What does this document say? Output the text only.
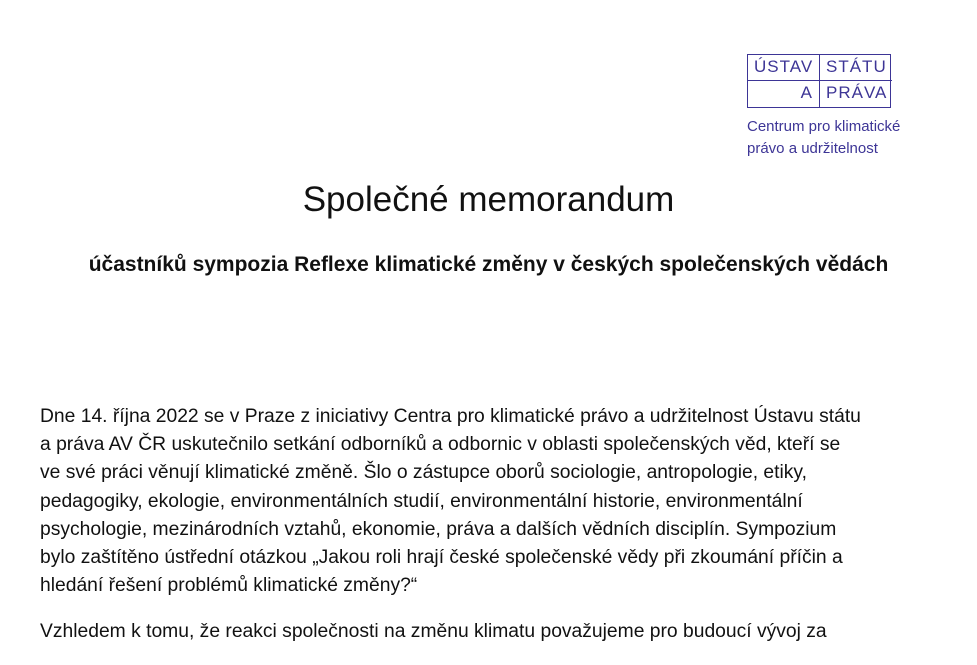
ÚSTAV STÁTU
A PRÁVA
Centrum pro klimatické
právo a udržitelnost
Společné memorandum
účastníků sympozia Reflexe klimatické změny v českých společenských vědách

Dne 14. října 2022 se v Praze z iniciativy Centra pro klimatické právo a udržitelnost Ústavu státu
a práva AV ČR uskutečnilo setkání odborníků a odbornic v oblasti společenských věd, kteří se
ve své práci věnují klimatické změně. Šlo o zástupce oborů sociologie, antropologie, etiky,
pedagogiky, ekologie, environmentálních studií, environmentální historie, environmentální
psychologie, mezinárodních vztahů, ekonomie, práva a dalších vědních disciplín. Sympozium
bylo zaštítěno ústřední otázkou „Jakou roli hrají české společenské vědy při zkoumání příčin a
hledání řešení problémů klimatické změny?“

Vzhledem k tomu, že reakci společnosti na změnu klimatu považujeme pro budoucí vývoj za
